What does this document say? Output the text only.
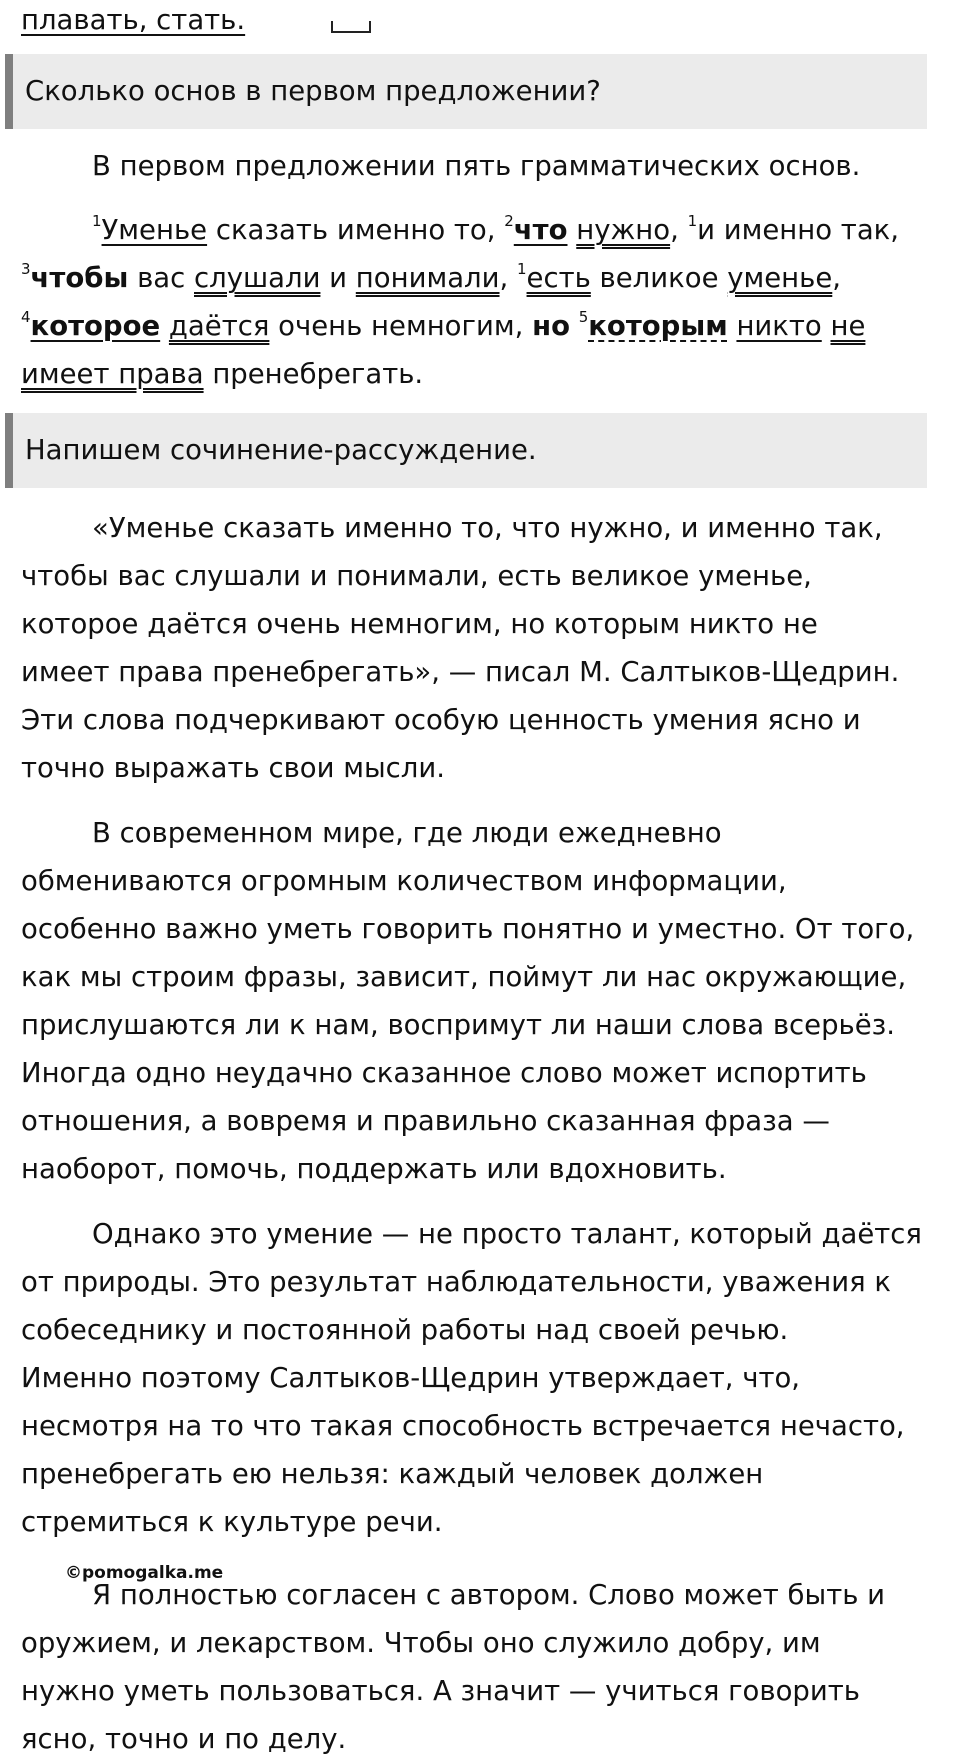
плавать, стать.
Сколько основ в первом предложении?
В первом предложении пять грамматических основ.
$^1$Уменье сказать именно то, $^2$что нужно, $^1$и именно так,
$^3$чтобы вас слушали и понимали, $^1$есть великое уменье,
$^4$которое даётся очень немногим, но $^5$которым никто не
имеет права пренебрегать.
Напишем сочинение-рассуждение.
«Уменье сказать именно то, что нужно, и именно так,
чтобы вас слушали и понимали, есть великое уменье,
которое даётся очень немногим, но которым никто не
имеет права пренебрегать», — писал М. Салтыков-Щедрин.
Эти слова подчеркивают особую ценность умения ясно и
точно выражать свои мысли.
В современном мире, где люди ежедневно
обмениваются огромным количеством информации,
особенно важно уметь говорить понятно и уместно. От того,
как мы строим фразы, зависит, поймут ли нас окружающие,
прислушаются ли к нам, воспримут ли наши слова всерьёз.
Иногда одно неудачно сказанное слово может испортить
отношения, а вовремя и правильно сказанная фраза —
наоборот, помочь, поддержать или вдохновить.
Однако это умение — не просто талант, который даётся
от природы. Это результат наблюдательности, уважения к
собеседнику и постоянной работы над своей речью.
Именно поэтому Салтыков-Щедрин утверждает, что,
несмотря на то что такая способность встречается нечасто,
пренебрегать ею нельзя: каждый человек должен
стремиться к культуре речи.
©pomogalka.me
Я полностью согласен с автором. Слово может быть и
оружием, и лекарством. Чтобы оно служило добру, им
нужно уметь пользоваться. А значит — учиться говорить
ясно, точно и по делу.
